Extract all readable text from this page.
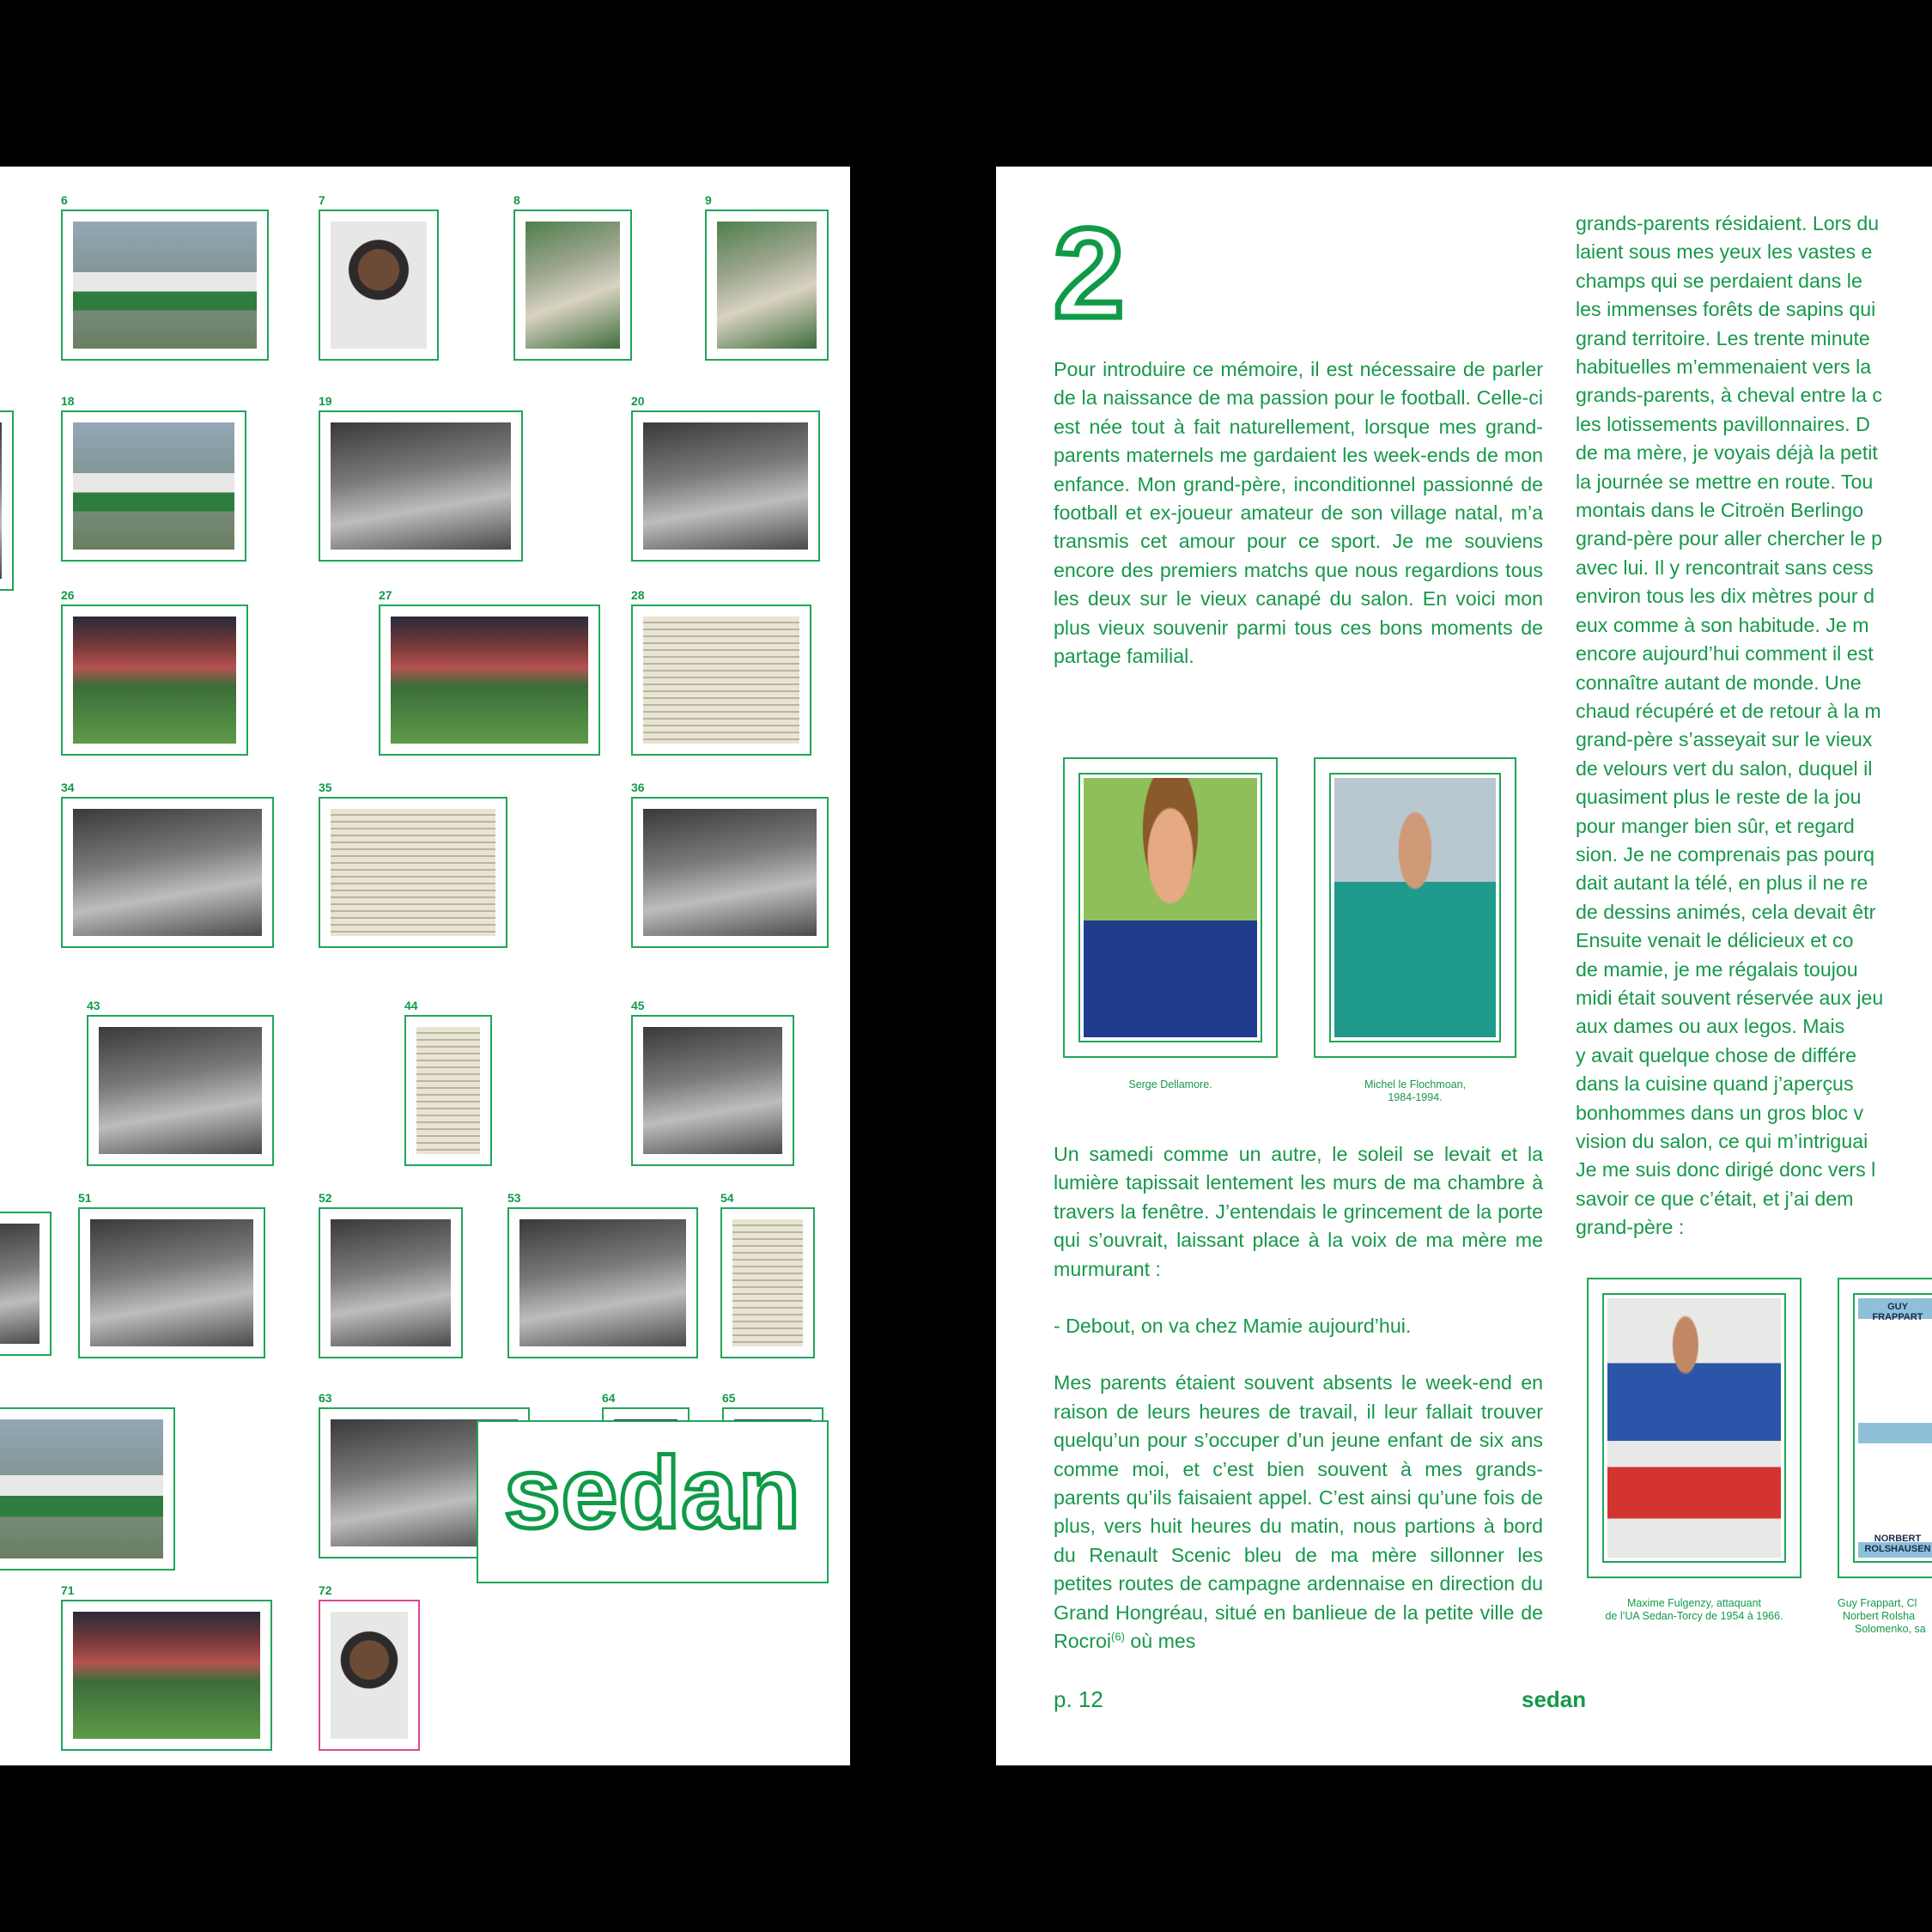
6	7	8	9
18	19	20
26	27	28
34	35	36
43	44	45
51	52	53	54
63	64	65
71	72
sedan
2

Pour introduire ce mémoire, il est nécessaire de parler de la naissance de ma passion pour le football. Celle-ci est née tout à fait naturellement, lorsque mes grand-parents maternels me gardaient les week-ends de mon enfance. Mon grand-père, inconditionnel passionné de football et ex-joueur amateur de son village natal, m’a transmis cet amour pour ce sport. Je me souviens encore des premiers matchs que nous regardions tous les deux sur le vieux canapé du salon. En voici mon plus vieux souvenir parmi tous ces bons moments de partage familial.

Serge Dellamore.	Michel le Flochmoan,
1984-1994.

Un samedi comme un autre, le soleil se levait et la lumière tapissait lentement les murs de ma chambre à travers la fenêtre. J’entendais le grincement de la porte qui s’ouvrait, laissant place à la voix de ma mère me murmurant :

- Debout, on va chez Mamie aujourd’hui.

Mes parents étaient souvent absents le week-end en raison de leurs heures de travail, il leur fallait trouver quelqu’un pour s’occuper d’un jeune enfant de six ans comme moi, et c’est bien souvent à mes grands-parents qu’ils faisaient appel. C’est ainsi qu’une fois de plus, vers huit heures du matin, nous partions à bord du Renault Scenic bleu de ma mère sillonner les petites routes de campagne ardennaise en direction du Grand Hongréau, situé en banlieue de la petite ville de Rocroi$^{(6)}$ où mes

grands-parents résidaient. Lors du
laient sous mes yeux les vastes e
champs qui se perdaient dans le
les immenses forêts de sapins qui
grand territoire. Les trente minute
habituelles m’emmenaient vers la
grands-parents, à cheval entre la c
les lotissements pavillonnaires. D
de ma mère, je voyais déjà la petit
la journée se mettre en route. Tou
montais dans le Citroën Berlingo
grand-père pour aller chercher le p
avec lui. Il y rencontrait sans cess
environ tous les dix mètres pour d
eux comme à son habitude. Je m
encore aujourd’hui comment il est
connaître autant de monde. Une
chaud récupéré et de retour à la m
grand-père s’asseyait sur le vieux
de velours vert du salon, duquel il
quasiment plus le reste de la jou
pour manger bien sûr, et regard
sion. Je ne comprenais pas pourq
dait autant la télé, en plus il ne re
de dessins animés, cela devait êtr
Ensuite venait le délicieux et co
de mamie, je me régalais toujou
midi était souvent réservée aux jeu
aux dames ou aux legos. Mais
y avait quelque chose de différe
dans la cuisine quand j’aperçus
bonhommes dans un gros bloc v
vision du salon, ce qui m’intriguai
Je me suis donc dirigé donc vers l
savoir ce que c’était, et j’ai dem
grand-père :
Maxime Fulgenzy, attaquant
de l’UA Sedan-Torcy de 1954 à 1966.
GUY
FRAPPART
NORBERT
ROLSHAUSEN
Guy Frappart, Cl
Norbert Rolsha
Solomenko, sa
p. 12	sedan
